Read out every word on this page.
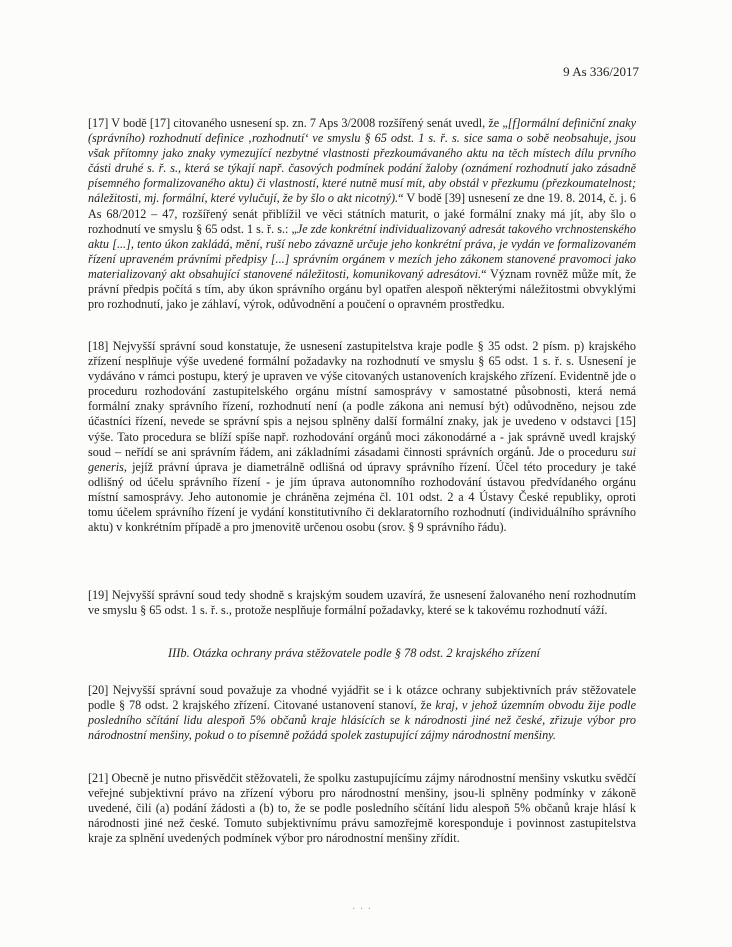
9 As 336/2017
[17] V bodě [17] citovaného usnesení sp. zn. 7 Aps 3/2008 rozšířený senát uvedl, že „[f]ormální definiční znaky (správního) rozhodnutí definice ‚rozhodnutí‘ ve smyslu § 65 odst. 1 s. ř. s. sice sama o sobě neobsahuje, jsou však přítomny jako znaky vymezující nezbytné vlastnosti přezkoumávaného aktu na těch místech dílu prvního části druhé s. ř. s., která se týkají např. časových podmínek podání žaloby (oznámení rozhodnutí jako zásadně písemného formalizovaného aktu) či vlastností, které nutně musí mít, aby obstál v přezkumu (přezkoumatelnost; náležitosti, mj. formální, které vylučují, že by šlo o akt nicotný).“ V bodě [39] usnesení ze dne 19. 8. 2014, č. j. 6 As 68/2012 – 47, rozšířený senát přiblížil ve věci státních maturit, o jaké formální znaky má jít, aby šlo o rozhodnutí ve smyslu § 65 odst. 1 s. ř. s.: „Je zde konkrétní individualizovaný adresát takového vrchnostenského aktu [...], tento úkon zakládá, mění, ruší nebo závazně určuje jeho konkrétní práva, je vydán ve formalizovaném řízení upraveném právními předpisy [...] správním orgánem v mezích jeho zákonem stanovené pravomoci jako materializovaný akt obsahující stanovené náležitosti, komunikovaný adresátovi.“ Význam rovněž může mít, že právní předpis počítá s tím, aby úkon správního orgánu byl opatřen alespoň některými náležitostmi obvyklými pro rozhodnutí, jako je záhlaví, výrok, odůvodnění a poučení o opravném prostředku.
[18] Nejvyšší správní soud konstatuje, že usnesení zastupitelstva kraje podle § 35 odst. 2 písm. p) krajského zřízení nesplňuje výše uvedené formální požadavky na rozhodnutí ve smyslu § 65 odst. 1 s. ř. s. Usnesení je vydáváno v rámci postupu, který je upraven ve výše citovaných ustanoveních krajského zřízení. Evidentně jde o proceduru rozhodování zastupitelského orgánu místní samosprávy v samostatné působnosti, která nemá formální znaky správního řízení, rozhodnutí není (a podle zákona ani nemusí být) odůvodněno, nejsou zde účastníci řízení, nevede se správní spis a nejsou splněny další formální znaky, jak je uvedeno v odstavci [15] výše. Tato procedura se blíží spíše např. rozhodování orgánů moci zákonodárné a - jak správně uvedl krajský soud – neřídí se ani správním řádem, ani základními zásadami činnosti správních orgánů. Jde o proceduru sui generis, jejíž právní úprava je diametrálně odlišná od úpravy správního řízení. Účel této procedury je také odlišný od účelu správního řízení - je jím úprava autonomního rozhodování ústavou předvídaného orgánu místní samosprávy. Jeho autonomie je chráněna zejména čl. 101 odst. 2 a 4 Ústavy České republiky, oproti tomu účelem správního řízení je vydání konstitutivního či deklaratorního rozhodnutí (individuálního správního aktu) v konkrétním případě a pro jmenovitě určenou osobu (srov. § 9 správního řádu).
[19] Nejvyšší správní soud tedy shodně s krajským soudem uzavírá, že usnesení žalovaného není rozhodnutím ve smyslu § 65 odst. 1 s. ř. s., protože nesplňuje formální požadavky, které se k takovému rozhodnutí váží.
IIIb. Otázka ochrany práva stěžovatele podle § 78 odst. 2 krajského zřízení
[20] Nejvyšší správní soud považuje za vhodné vyjádřit se i k otázce ochrany subjektivních práv stěžovatele podle § 78 odst. 2 krajského zřízení. Citované ustanovení stanoví, že kraj, v jehož územním obvodu žije podle posledního sčítání lidu alespoň 5% občanů kraje hlásících se k národnosti jiné než české, zřizuje výbor pro národnostní menšiny, pokud o to písemně požádá spolek zastupující zájmy národnostní menšiny.
[21] Obecně je nutno přisvědčit stěžovateli, že spolku zastupujícímu zájmy národnostní menšiny vskutku svědčí veřejné subjektivní právo na zřízení výboru pro národnostní menšiny, jsou-li splněny podmínky v zákoně uvedené, čili (a) podání žádosti a (b) to, že se podle posledního sčítání lidu alespoň 5% občanů kraje hlásí k národnosti jiné než české. Tomuto subjektivnímu právu samozřejmě koresponduje i povinnost zastupitelstva kraje za splnění uvedených podmínek výbor pro národnostní menšiny zřídit.
· · ·
